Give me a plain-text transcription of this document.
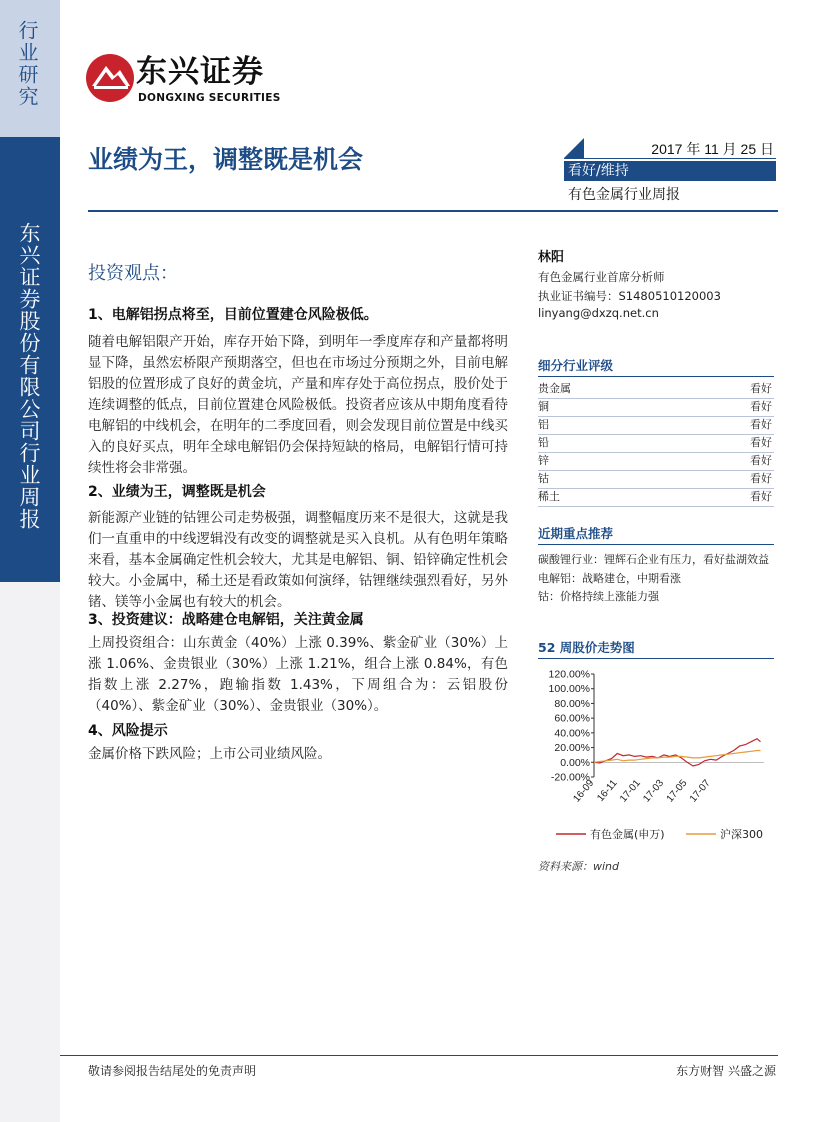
行业研究
东兴证券股份有限公司行业周报
东兴证券
DONGXING SECURITIES
业绩为王，调整既是机会	2017 年 11 月 25 日
看好/维持
有色金属行业周报
投资观点：
1、电解铝拐点将至，目前位置建仓风险极低。
随着电解铝限产开始，库存开始下降，到明年一季度库存和产量都将明显下降，虽然宏桥限产预期落空，但也在市场过分预期之外，目前电解铝股的位置形成了良好的黄金坑，产量和库存处于高位拐点，股价处于连续调整的低点，目前位置建仓风险极低。投资者应该从中期角度看待电解铝的中线机会，在明年的二季度回看，则会发现目前位置是中线买入的良好买点，明年全球电解铝仍会保持短缺的格局，电解铝行情可持续性将会非常强。
2、业绩为王，调整既是机会
新能源产业链的钴锂公司走势极强，调整幅度历来不是很大，这就是我们一直重申的中线逻辑没有改变的调整就是买入良机。从有色明年策略来看，基本金属确定性机会较大，尤其是电解铝、铜、铅锌确定性机会较大。小金属中，稀土还是看政策如何演绎，钴锂继续强烈看好，另外锗、镁等小金属也有较大的机会。
3、投资建议：战略建仓电解铝，关注黄金属
上周投资组合：山东黄金（40%）上涨 0.39%、紫金矿业（30%）上涨 1.06%、金贵银业（30%）上涨 1.21%，组合上涨 0.84%，有色指数上涨 2.27%，跑输指数 1.43%，下周组合为：云铝股份（40%）、紫金矿业（30%）、金贵银业（30%）。
4、风险提示
金属价格下跌风险；上市公司业绩风险。
林阳
有色金属行业首席分析师
执业证书编号：S1480510120003
linyang@dxzq.net.cn
细分行业评级
贵金属	看好
铜	看好
铝	看好
铅	看好
锌	看好
钴	看好
稀土	看好
近期重点推荐
碳酸锂行业：锂辉石企业有压力，看好盐湖效益
电解铝：战略建仓，中期看涨
钴：价格持续上涨能力强
52 周股价走势图
120.00%
100.00%
80.00%
60.00%
40.00%
20.00%
0.00%
-20.00%
16-09
16-11
17-01
17-03
17-05
17-07
有色金属(申万)	沪深300
资料来源：wind
敬请参阅报告结尾处的免责声明	东方财智 兴盛之源
